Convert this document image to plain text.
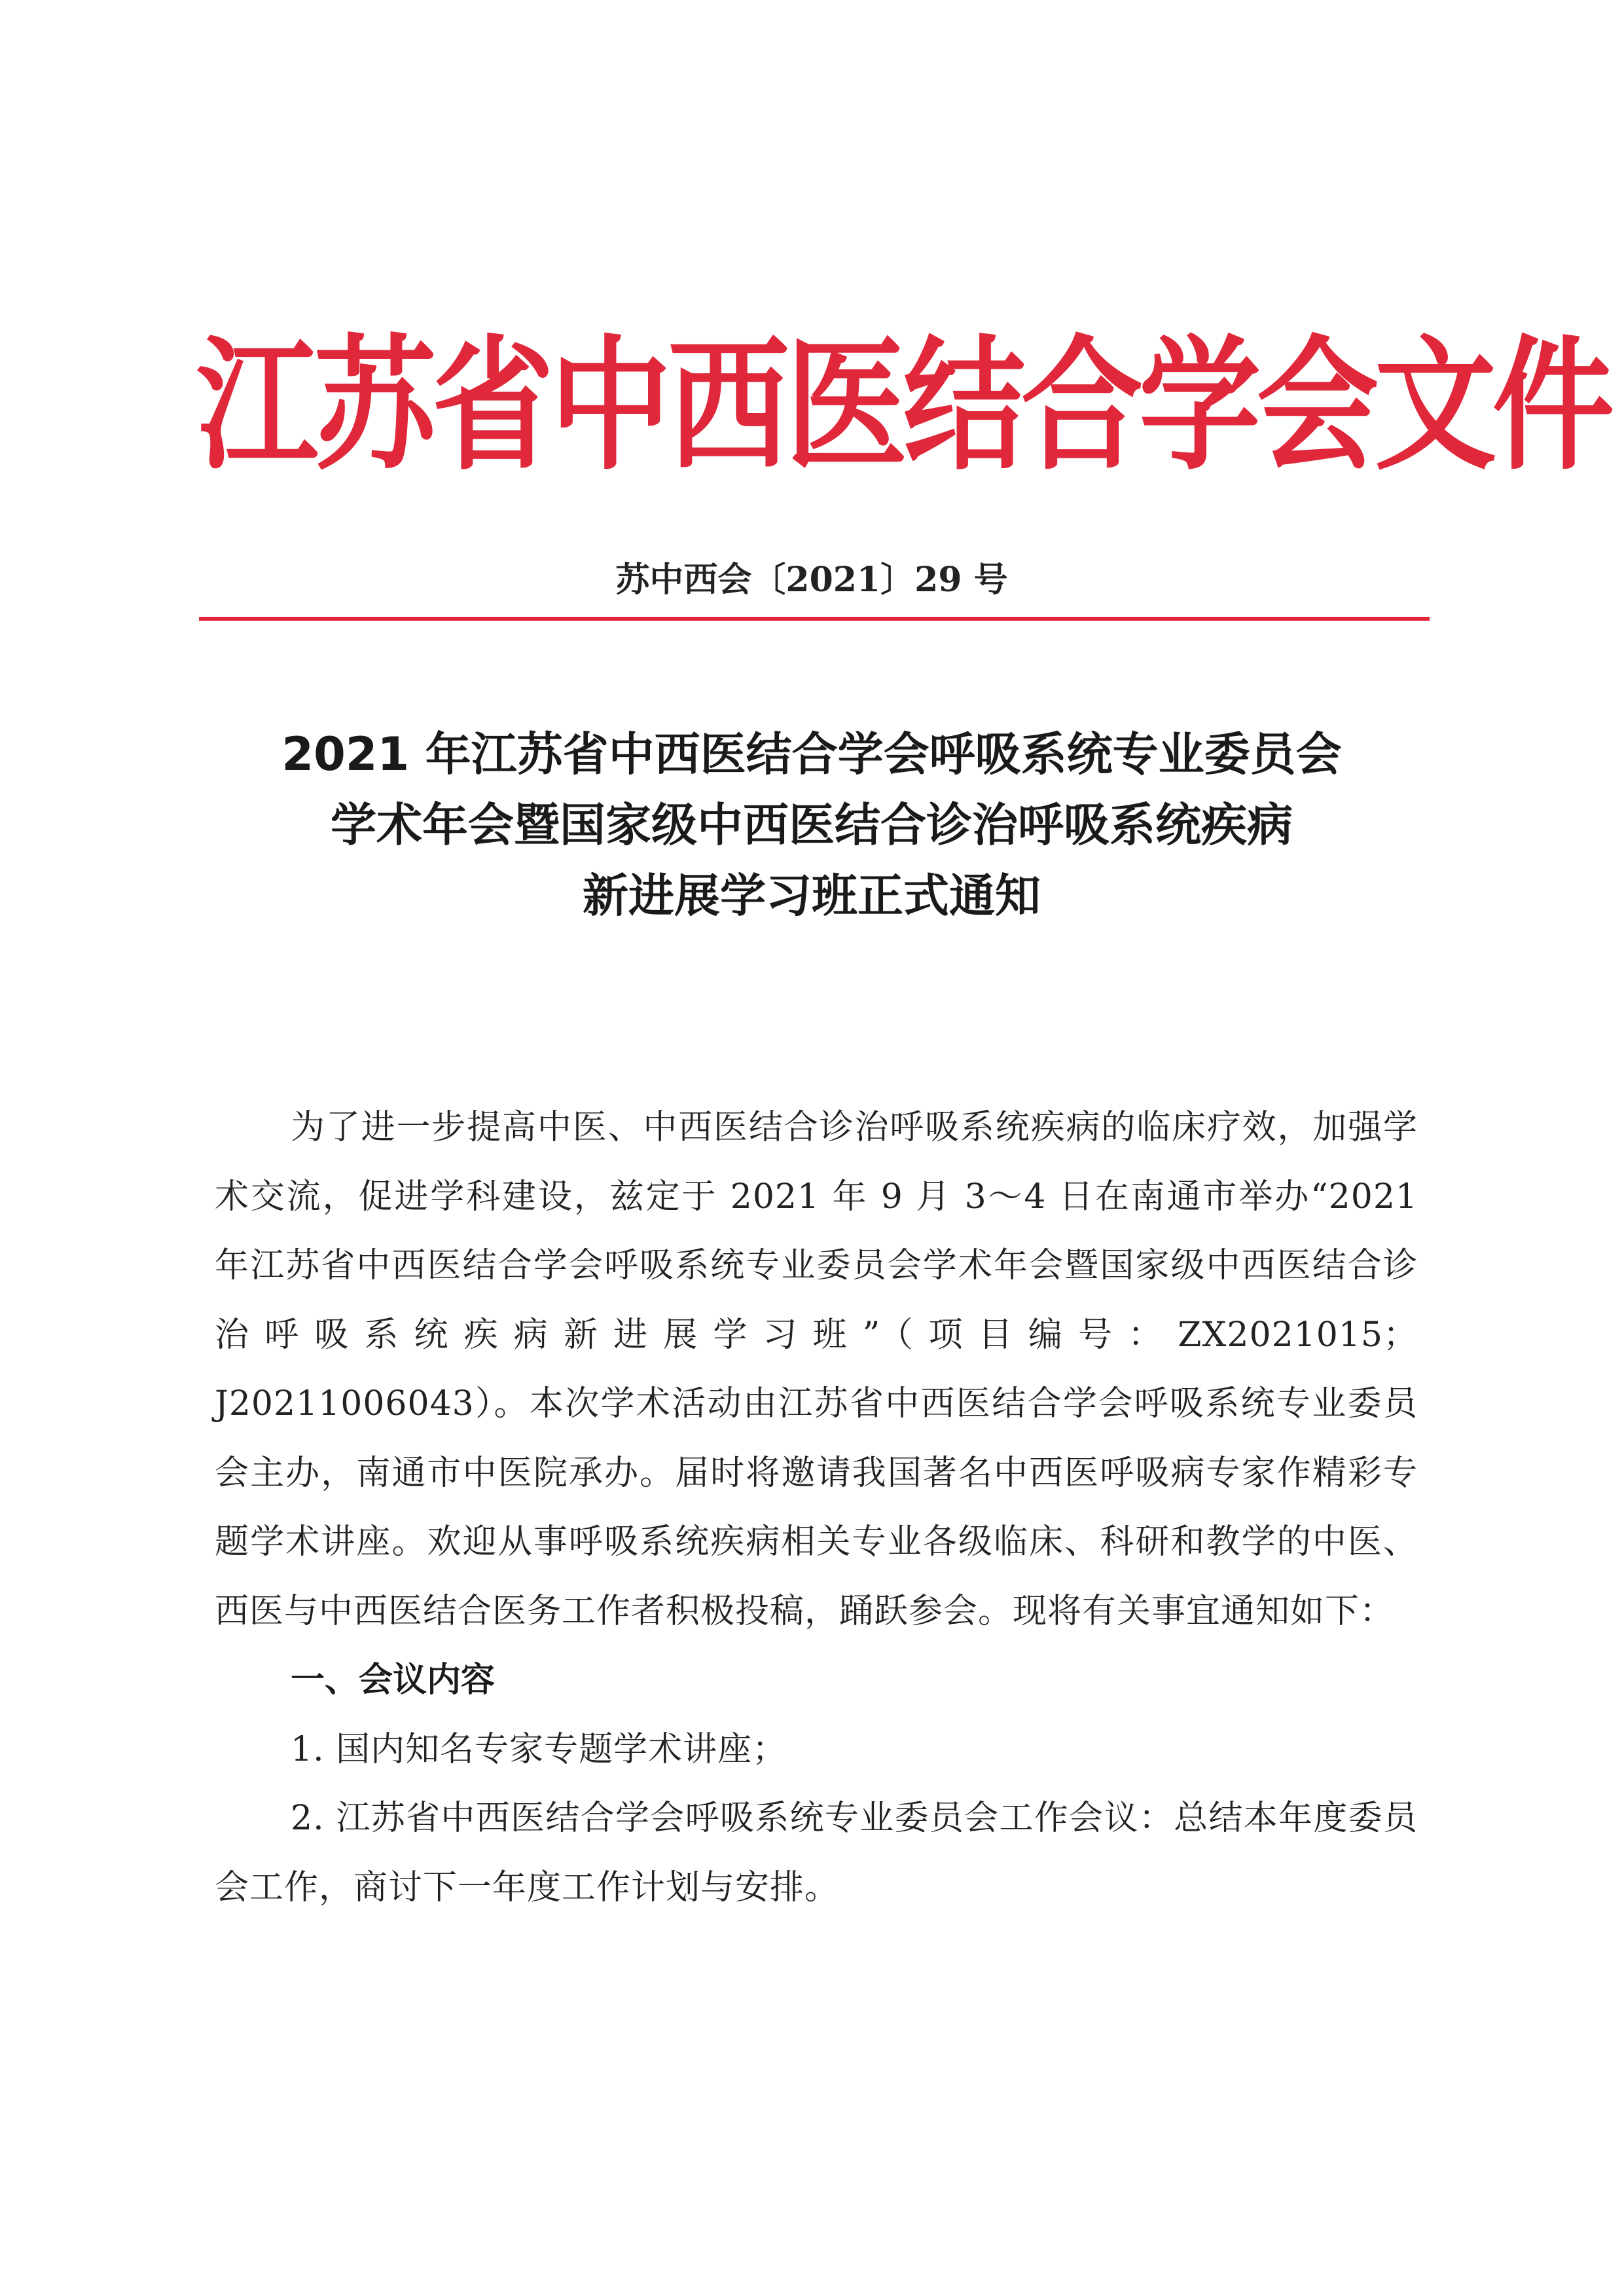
江苏省中西医结合学会文件
苏中西会〔2021〕29 号
2021 年江苏省中西医结合学会呼吸系统专业委员会
学术年会暨国家级中西医结合诊治呼吸系统疾病
新进展学习班正式通知

为了进一步提高中医、中西医结合诊治呼吸系统疾病的临床疗效，加强学术交流，促进学科建设，兹定于 2021 年 9 月 3～4 日在南通市举办“2021 年江苏省中西医结合学会呼吸系统专业委员会学术年会暨国家级中西医结合诊治呼吸系统疾病新进展学习班”（项目编号：ZX2021015；J20211006043）。本次学术活动由江苏省中西医结合学会呼吸系统专业委员会主办，南通市中医院承办。届时将邀请我国著名中西医呼吸病专家作精彩专题学术讲座。欢迎从事呼吸系统疾病相关专业各级临床、科研和教学的中医、西医与中西医结合医务工作者积极投稿，踊跃参会。现将有关事宜通知如下：

一、会议内容

1. 国内知名专家专题学术讲座；

2. 江苏省中西医结合学会呼吸系统专业委员会工作会议：总结本年度委员会工作，商讨下一年度工作计划与安排。
